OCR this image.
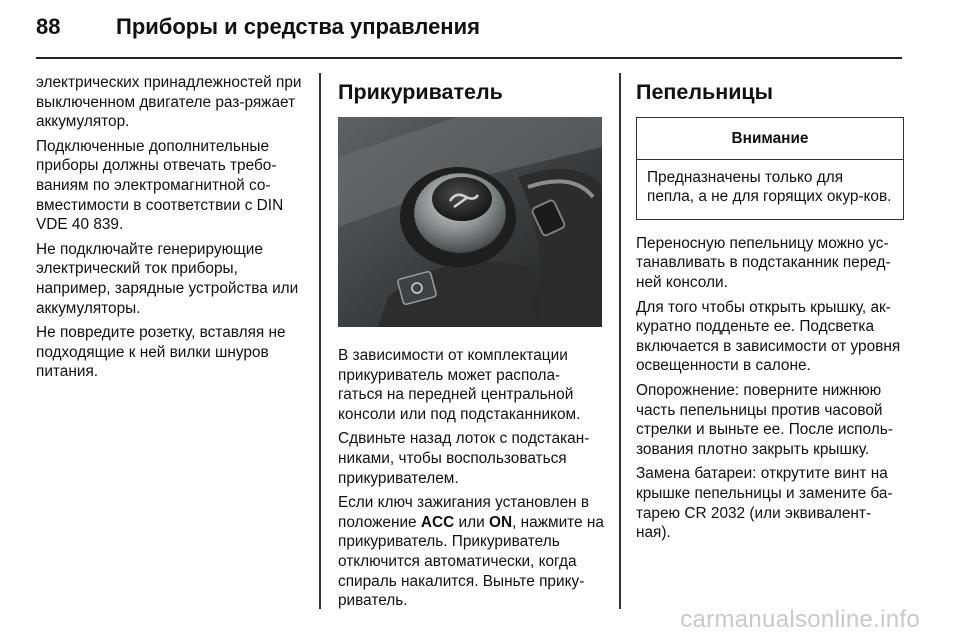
88	Приборы и средства управления

электрических принадлежностей при выключенном двигателе раз-ряжает аккумулятор.

Подключенные дополнительные приборы должны отвечать требо-ваниям по электромагнитной со-вместимости в соответствии с DIN VDE 40 839.

Не подключайте генерирующие электрический ток приборы, например, зарядные устройства или аккумуляторы.

Не повредите розетку, вставляя не подходящие к ней вилки шнуров питания.

Прикуриватель

В зависимости от комплектации прикуриватель может распола-гаться на передней центральной консоли или под подстаканником.

Сдвиньте назад лоток с подстакан-никами, чтобы воспользоваться прикуривателем.

Если ключ зажигания установлен в положение ACC или ON, нажмите на прикуриватель. Прикуриватель отключится автоматически, когда спираль накалится. Выньте прику-риватель.

Пепельницы
Внимание
Предназначены только для пепла, а не для горящих окур-ков.

Переносную пепельницу можно ус-танавливать в подстаканник перед-ней консоли.

Для того чтобы открыть крышку, ак-куратно подденьте ее. Подсветка включается в зависимости от уровня освещенности в салоне.

Опорожнение: поверните нижнюю часть пепельницы против часовой стрелки и выньте ее. После исполь-зования плотно закрыть крышку.

Замена батареи: открутите винт на крышке пепельницы и замените ба-тарею CR 2032 (или эквивалент-ная).

carmanualsonline.info
